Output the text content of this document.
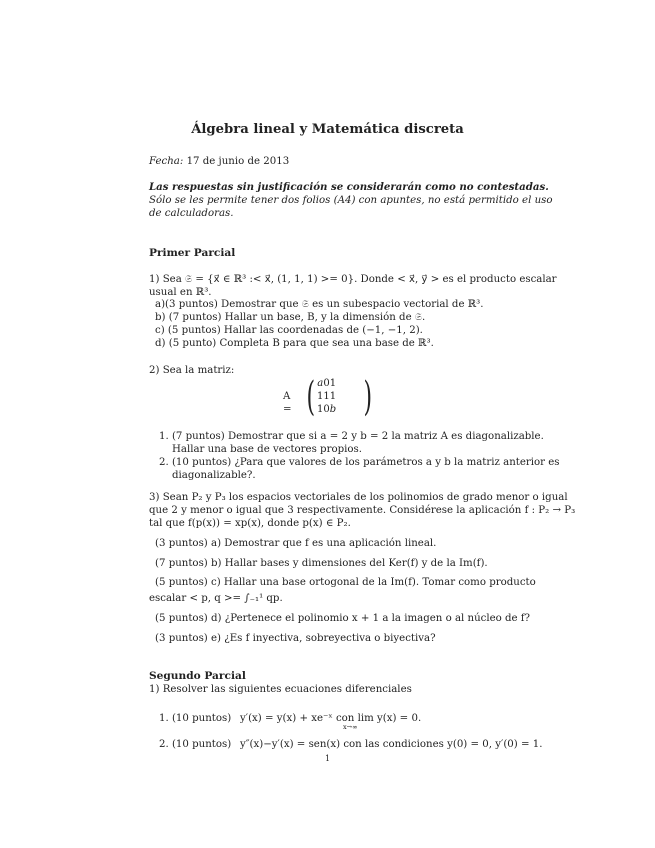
Álgebra lineal y Matemática discreta
Fecha: 17 de junio de 2013
Las respuestas sin justificación se considerarán como no contestadas.
Sólo se les permite tener dos folios (A4) con apuntes, no está permitido el uso
de calculadoras.
Primer Parcial
1) Sea 𝔖 = {x⃗ ∈ ℝ³ :< x⃗, (1, 1, 1) >= 0}. Donde < x⃗, y⃗ > es el producto escalar
usual en ℝ³.
a)(3 puntos) Demostrar que 𝔖 es un subespacio vectorial de ℝ³.
b) (7 puntos) Hallar un base, B, y la dimensión de 𝔖.
c) (5 puntos) Hallar las coordenadas de (−1, −1, 2).
d) (5 punto) Completa B para que sea una base de ℝ³.
2) Sea la matriz:
A = ( a	0	1
1	1	1
1	0	b )
1. (7 puntos) Demostrar que si a = 2 y b = 2 la matriz A es diagonalizable.
Hallar una base de vectores propios.
2. (10 puntos) ¿Para que valores de los parámetros a y b la matriz anterior es
diagonalizable?.
3) Sean P₂ y P₃ los espacios vectoriales de los polinomios de grado menor o igual
que 2 y menor o igual que 3 respectivamente. Considérese la aplicación f : P₂ → P₃
tal que f(p(x)) = xp(x), donde p(x) ∈ P₂.
(3 puntos) a) Demostrar que f es una aplicación lineal.
(7 puntos) b) Hallar bases y dimensiones del Ker(f) y de la Im(f).
(5 puntos) c) Hallar una base ortogonal de la Im(f). Tomar como producto
escalar < p, q >= ∫₋₁¹ qp.
(5 puntos) d) ¿Pertenece el polinomio x + 1 a la imagen o al núcleo de f?
(3 puntos) e) ¿Es f inyectiva, sobreyectiva o biyectiva?
Segundo Parcial
1) Resolver las siguientes ecuaciones diferenciales
1. (10 puntos) y′(x) = y(x) + xe⁻ˣ con lim y(x) = 0.
x→∞
2. (10 puntos) y″(x)−y′(x) = sen(x) con las condiciones y(0) = 0, y′(0) = 1.
1
